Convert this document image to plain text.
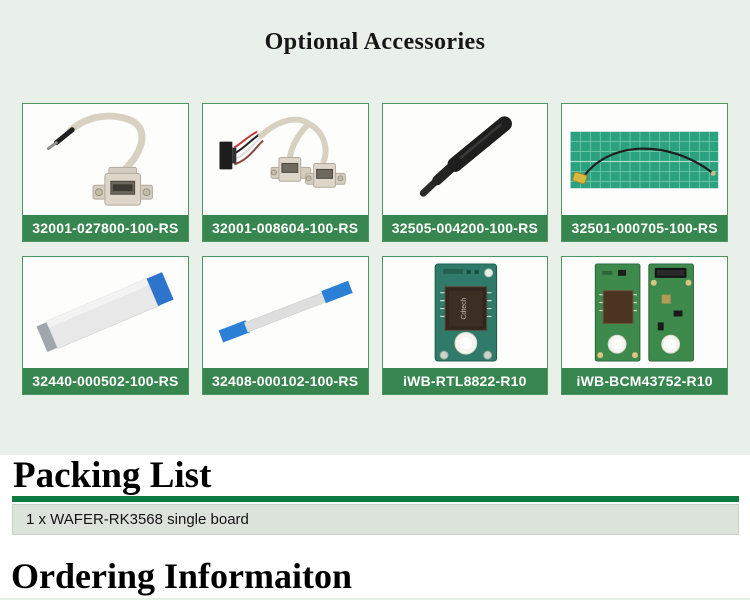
Optional Accessories
32001-027800-100-RS	32001-008604-100-RS	32505-004200-100-RS	32501-000705-100-RS
32440-000502-100-RS	32408-000102-100-RS
Cdtech
iWB-RTL8822-R10	iWB-BCM43752-R10
Packing List
1 x WAFER-RK3568 single board
Ordering Informaiton
